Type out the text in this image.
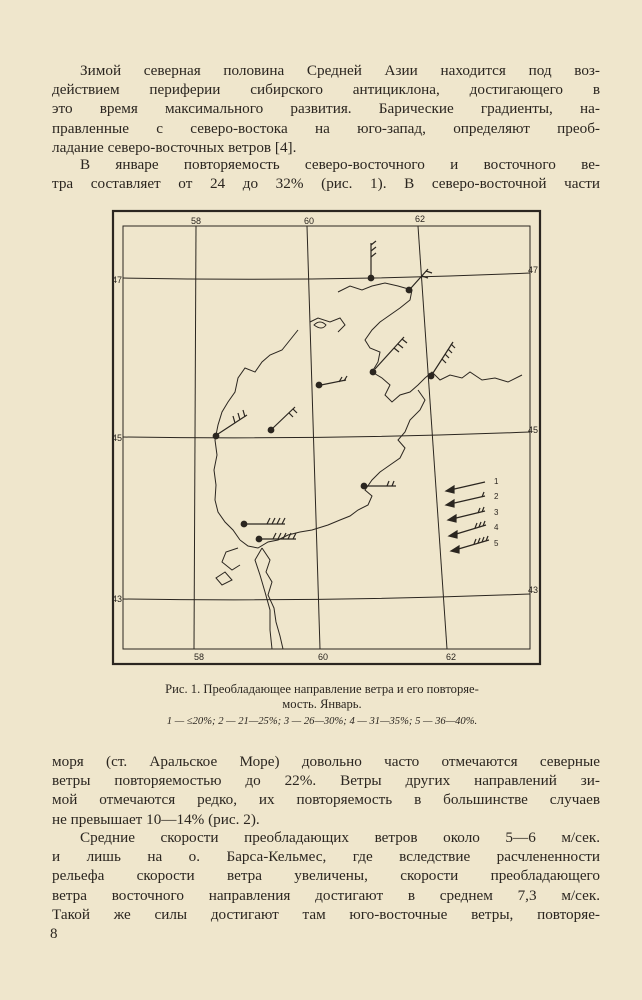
Зимой северная половина Средней Азии находится под воз-
действием периферии сибирского антициклона, достигающего в
это время максимального развития. Барические градиенты, на-
правленные с северо-востока на юго-запад, определяют преоб-
ладание северо-восточных ветров [4].

В январе повторяемость северо-восточного и восточного ве-
тра составляет от 24 до 32% (рис. 1). В северо-восточной части

58	60	62
58	60	62
47
47
45
45
43
43
1
2
3
4
5
Рис. 1. Преобладающее направление ветра и его повторяе-
мость. Январь.
1 — ≤20%; 2 — 21—25%; 3 — 26—30%; 4 — 31—35%; 5 — 36—40%.

моря (ст. Аральское Море) довольно часто отмечаются северные
ветры повторяемостью до 22%. Ветры других направлений зи-
мой отмечаются редко, их повторяемость в большинстве случаев
не превышает 10—14% (рис. 2).

Средние скорости преобладающих ветров около 5—6 м/сек.
и лишь на о. Барса-Кельмес, где вследствие расчлененности
рельефа скорости ветра увеличены, скорости преобладающего
ветра восточного направления достигают в среднем 7,3 м/сек.
Такой же силы достигают там юго-восточные ветры, повторяе-

8
